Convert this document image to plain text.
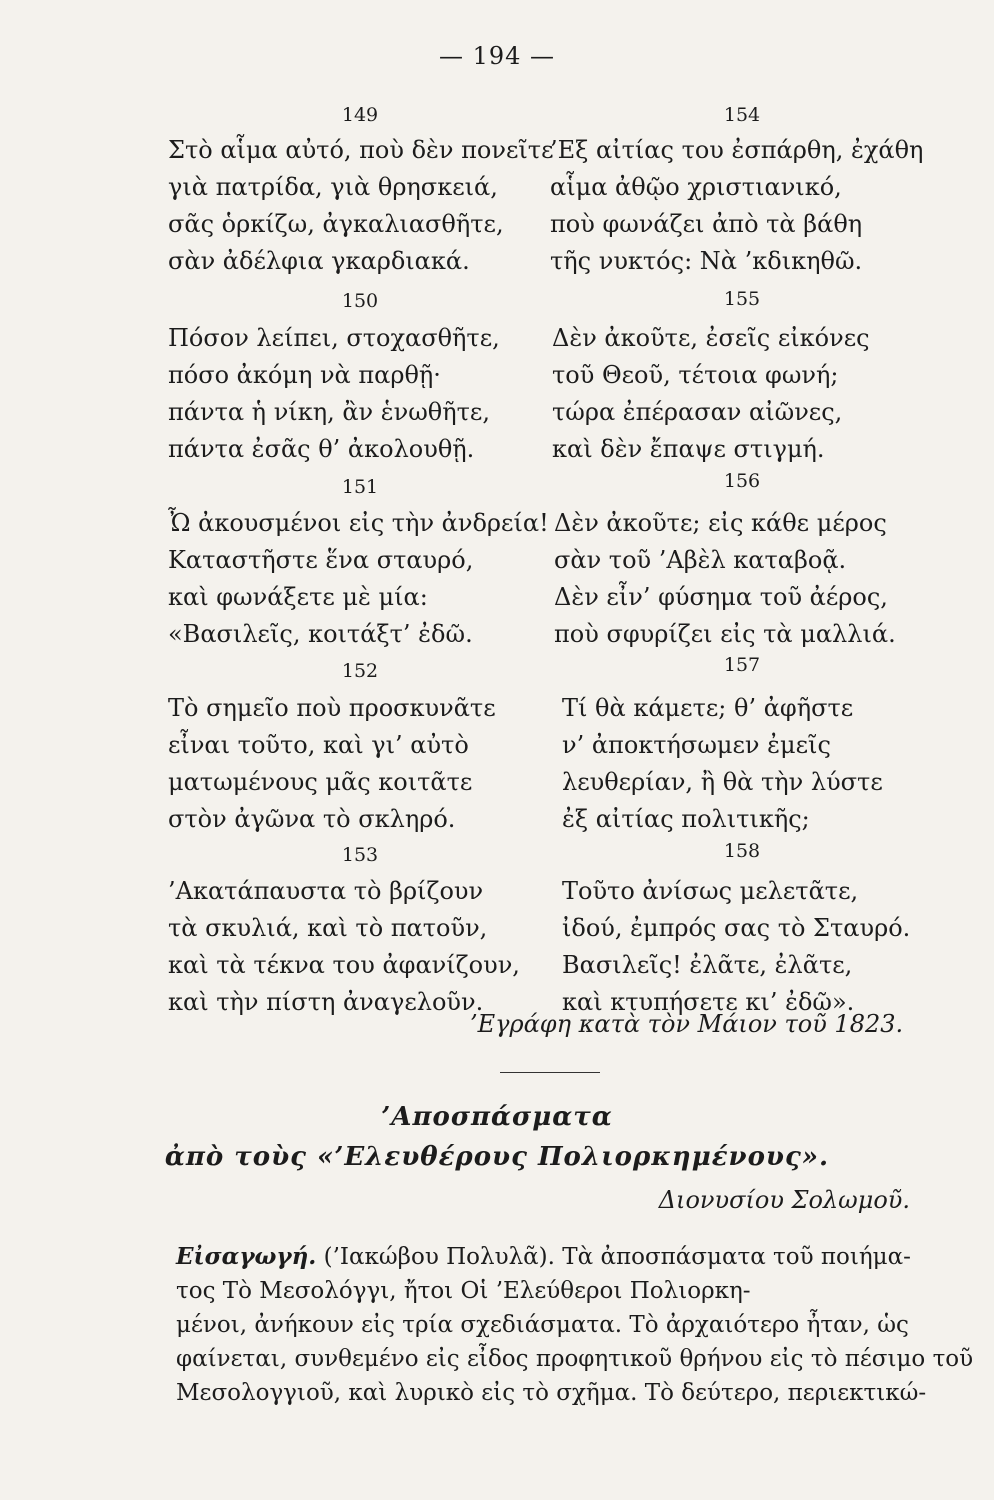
— 194 —
149
Στὸ αἷμα αὐτό, ποὺ δὲν πονεῖτε
γιὰ πατρίδα, γιὰ θρησκειά,
σᾶς ὁρκίζω, ἀγκαλιασθῆτε,
σὰν ἀδέλφια γκαρδιακά.
150
Πόσον λείπει, στοχασθῆτε,
πόσο ἀκόμη νὰ παρθῇ·
πάντα ἡ νίκη, ἂν ἑνωθῆτε,
πάντα ἐσᾶς θ’ ἀκολουθῇ.
151
Ὦ ἀκουσμένοι εἰς τὴν ἀνδρεία!
Καταστῆστε ἕνα σταυρό,
καὶ φωνάξετε μὲ μία:
«Βασιλεῖς, κοιτάξτ’ ἐδῶ.
152
Τὸ σημεῖο ποὺ προσκυνᾶτε
εἶναι τοῦτο, καὶ γι’ αὐτὸ
ματωμένους μᾶς κοιτᾶτε
στὸν ἀγῶνα τὸ σκληρό.
153
’Ακατάπαυστα τὸ βρίζουν
τὰ σκυλιά, καὶ τὸ πατοῦν,
καὶ τὰ τέκνα του ἀφανίζουν,
καὶ τὴν πίστη ἀναγελοῦν.
154
’Εξ αἰτίας του ἐσπάρθη, ἐχάθη
αἷμα ἀθῷο χριστιανικό,
ποὺ φωνάζει ἀπὸ τὰ βάθη
τῆς νυκτός: Νὰ ’κδικηθῶ.
155
Δὲν ἀκοῦτε, ἐσεῖς εἰκόνες
τοῦ Θεοῦ, τέτοια φωνή;
τώρα ἐπέρασαν αἰῶνες,
καὶ δὲν ἔπαψε στιγμή.
156
Δὲν ἀκοῦτε; εἰς κάθε μέρος
σὰν τοῦ ’Αβὲλ καταβοᾷ.
Δὲν εἶν’ φύσημα τοῦ ἀέρος,
ποὺ σφυρίζει εἰς τὰ μαλλιά.
157
Τί θὰ κάμετε; θ’ ἀφῆστε
ν’ ἀποκτήσωμεν ἐμεῖς
λευθερίαν, ἢ θὰ τὴν λύστε
ἐξ αἰτίας πολιτικῆς;
158
Τοῦτο ἀνίσως μελετᾶτε,
ἰδού, ἐμπρός σας τὸ Σταυρό.
Βασιλεῖς! ἐλᾶτε, ἐλᾶτε,
καὶ κτυπήσετε κι’ ἐδῶ».
’Εγράφη κατὰ τὸν Μάιον τοῦ 1823.
’Αποσπάσματα
ἀπὸ τοὺς «’Ελευθέρους Πολιορκημένους».
Διονυσίου Σολωμοῦ.
Εἰσαγωγή. (’Ιακώβου Πολυλᾶ). Τὰ ἀποσπάσματα τοῦ ποιήμα-
τος Τὸ Μεσολόγγι, ἤτοι Οἱ ’Ελεύθεροι Πολιορκη-
μένοι, ἀνήκουν εἰς τρία σχεδιάσματα. Τὸ ἀρχαιότερο ἦταν, ὡς
φαίνεται, συνθεμένο εἰς εἶδος προφητικοῦ θρήνου εἰς τὸ πέσιμο τοῦ
Μεσολογγιοῦ, καὶ λυρικὸ εἰς τὸ σχῆμα. Τὸ δεύτερο, περιεκτικώ-
